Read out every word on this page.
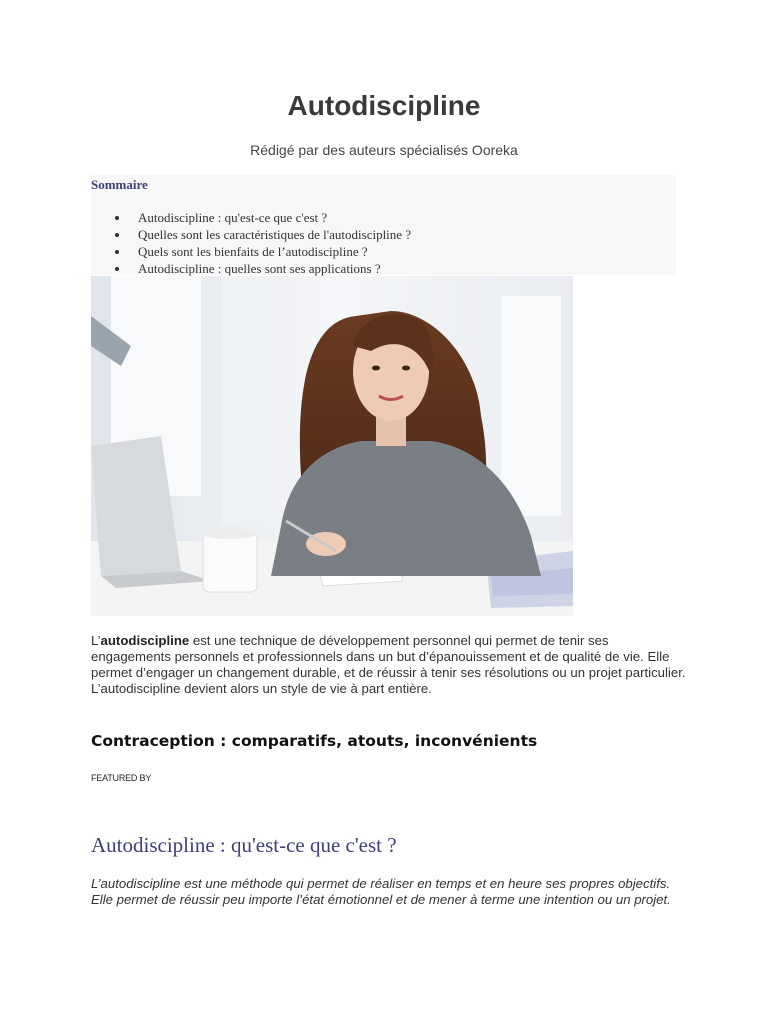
Autodiscipline
Rédigé par des auteurs spécialisés Ooreka
Sommaire
Autodiscipline : qu'est-ce que c'est ?
Quelles sont les caractéristiques de l'autodiscipline ?
Quels sont les bienfaits de l’autodiscipline ?
Autodiscipline : quelles sont ses applications ?
L’autodiscipline est une technique de développement personnel qui permet de tenir ses engagements personnels et professionnels dans un but d’épanouissement et de qualité de vie. Elle permet d’engager un changement durable, et de réussir à tenir ses résolutions ou un projet particulier. L’autodiscipline devient alors un style de vie à part entière.
Contraception : comparatifs, atouts, inconvénients
FEATURED BY
Autodiscipline : qu'est-ce que c'est ?
L’autodiscipline est une méthode qui permet de réaliser en temps et en heure ses propres objectifs. Elle permet de réussir peu importe l’état émotionnel et de mener à terme une intention ou un projet.
